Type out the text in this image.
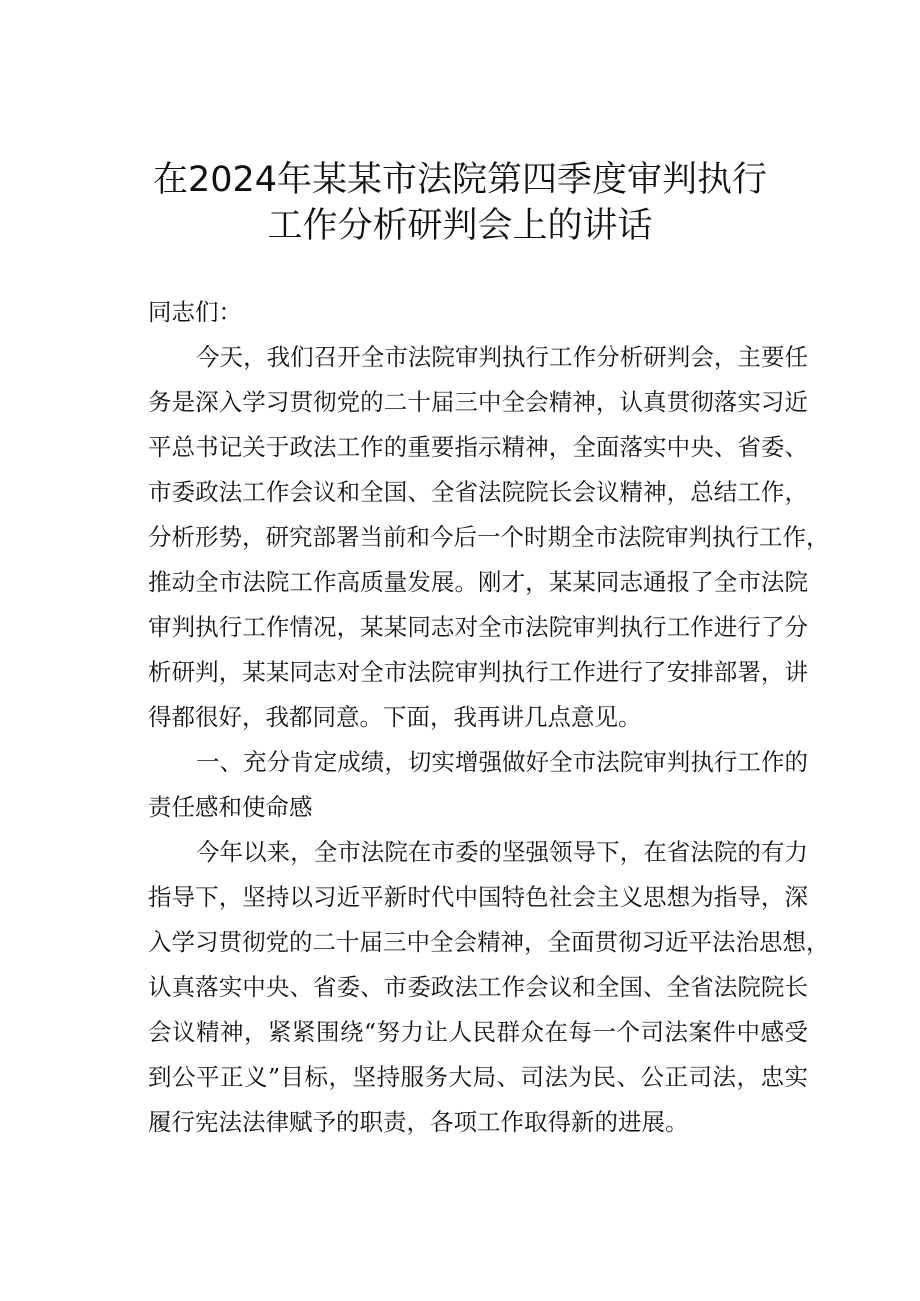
在2024年某某市法院第四季度审判执行
工作分析研判会上的讲话
同志们：
今天，我们召开全市法院审判执行工作分析研判会，主要任
务是深入学习贯彻党的二十届三中全会精神，认真贯彻落实习近
平总书记关于政法工作的重要指示精神，全面落实中央、省委、
市委政法工作会议和全国、全省法院院长会议精神，总结工作，
分析形势，研究部署当前和今后一个时期全市法院审判执行工作，
推动全市法院工作高质量发展。刚才，某某同志通报了全市法院
审判执行工作情况，某某同志对全市法院审判执行工作进行了分
析研判，某某同志对全市法院审判执行工作进行了安排部署，讲
得都很好，我都同意。下面，我再讲几点意见。
一、充分肯定成绩，切实增强做好全市法院审判执行工作的
责任感和使命感
今年以来，全市法院在市委的坚强领导下，在省法院的有力
指导下，坚持以习近平新时代中国特色社会主义思想为指导，深
入学习贯彻党的二十届三中全会精神，全面贯彻习近平法治思想，
认真落实中央、省委、市委政法工作会议和全国、全省法院院长
会议精神，紧紧围绕“努力让人民群众在每一个司法案件中感受
到公平正义”目标，坚持服务大局、司法为民、公正司法，忠实
履行宪法法律赋予的职责，各项工作取得新的进展。
